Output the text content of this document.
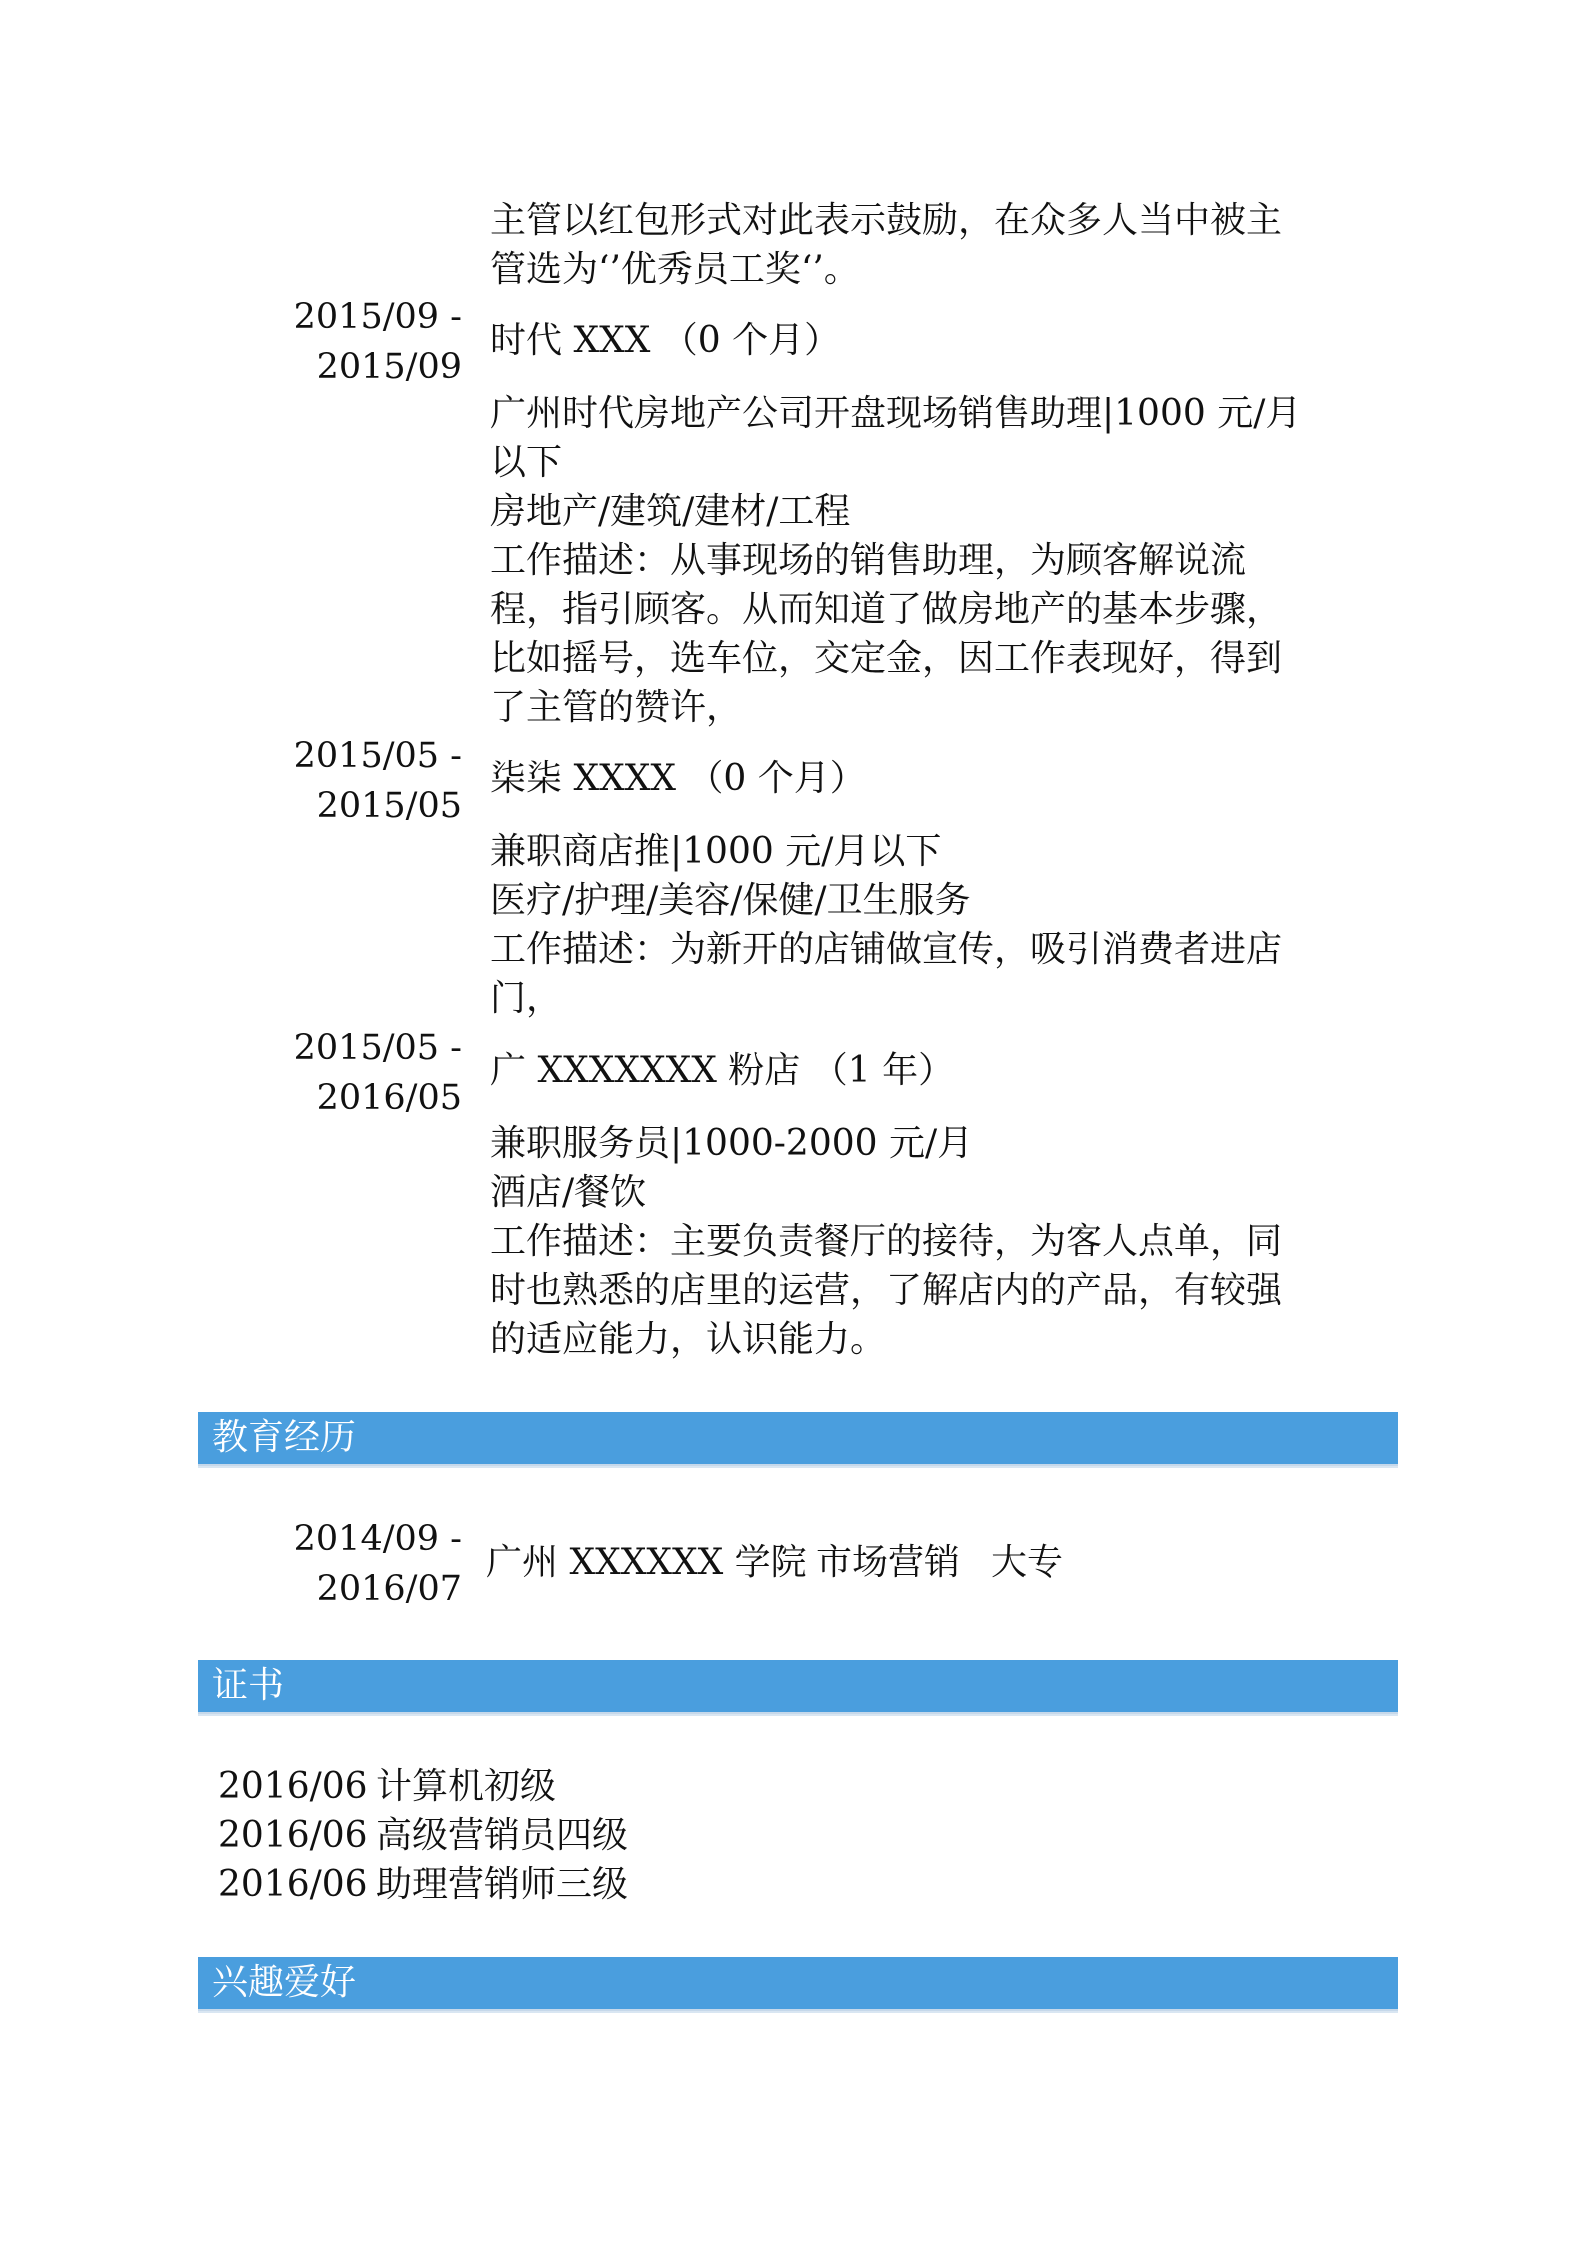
主管以红包形式对此表示鼓励，在众多人当中被主
管选为‘’优秀员工奖‘’。
2015/09 -
2015/09
时代 XXX （0 个月）
广州时代房地产公司开盘现场销售助理|1000 元/月
以下
房地产/建筑/建材/工程
工作描述：从事现场的销售助理，为顾客解说流
程，指引顾客。从而知道了做房地产的基本步骤，
比如摇号，选车位，交定金，因工作表现好，得到
了主管的赞许，
2015/05 -
2015/05
柒柒 XXXX （0 个月）
兼职商店推|1000 元/月以下
医疗/护理/美容/保健/卫生服务
工作描述：为新开的店铺做宣传，吸引消费者进店
门，
2015/05 -
2016/05
广 XXXXXXX 粉店 （1 年）
兼职服务员|1000-2000 元/月
酒店/餐饮
工作描述：主要负责餐厅的接待，为客人点单，同
时也熟悉的店里的运营，了解店内的产品，有较强
的适应能力，认识能力。
教育经历
2014/09 -
2016/07
广州 XXXXXX 学院 市场营销 大专
证书
2016/06 计算机初级
2016/06 高级营销员四级
2016/06 助理营销师三级
兴趣爱好
